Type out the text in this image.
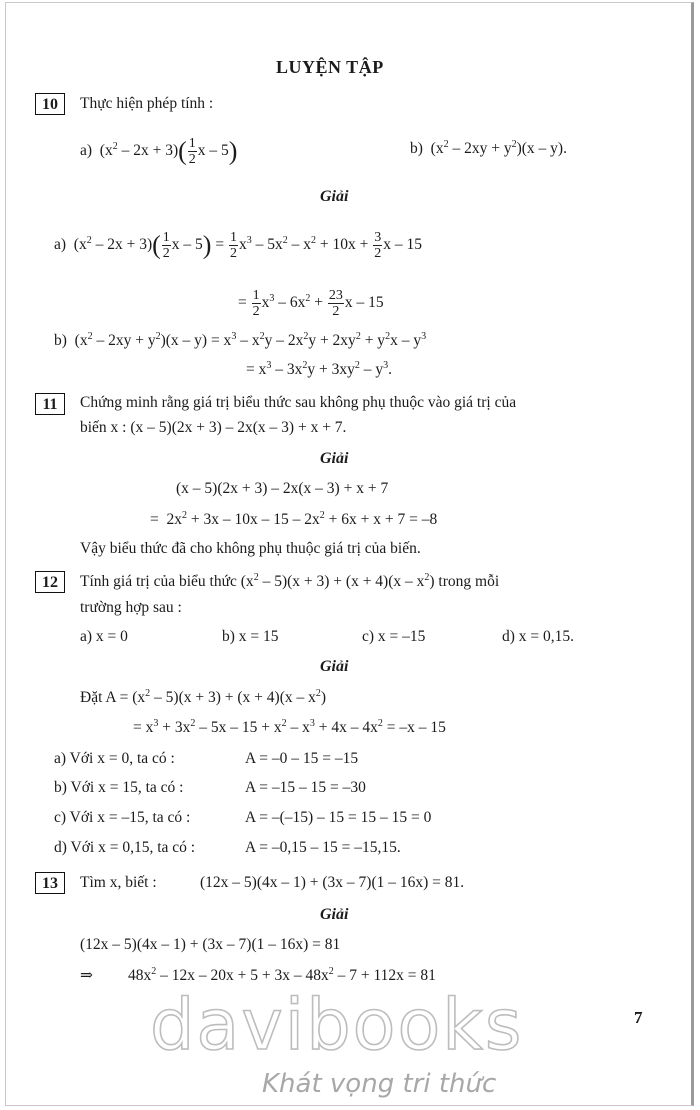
LUYỆN TẬP
10	Thực hiện phép tính :
a)  $(x^2 - 2x + 3)( \frac{1}{2}$ x – 5)	b)  $(x^2 - 2xy + y^2)(x - y)$.
Giải
a)  $(x^2 - 2x + 3)( \frac{1}{2}$ $x - 5) = \frac{1}{2} x^3 - 5x^2 - x^2 + 10x + \frac{3}{2}$ x – 15
= $\frac{1}{2} x^3 - 6x^2 + \frac{23}{2}$ x – 15
b)  $(x^2 - 2xy + y^2)(x - y) = x^3 - x^2y - 2x^2y + 2xy^2 + y^2x - y^3$
= $x^3 - 3x^2y + 3xy^2 - y^3$.
11	Chứng minh rằng giá trị biểu thức sau không phụ thuộc vào giá trị của
biến x : (x – 5)(2x + 3) – 2x(x – 3) + x + 7.
Giải
(x – 5)(2x + 3) – 2x(x – 3) + x + 7
=  $2x^2 + 3x - 10x - 15 - 2x^2 + 6x + x + 7 = -8$
Vậy biểu thức đã cho không phụ thuộc giá trị của biến.
12	Tính giá trị của biểu thức $(x^2 - 5)(x + 3) + (x + 4)(x - x^2)$ trong mỗi
trường hợp sau :
a) x = 0	b) x = 15	c) x = –15	d) x = 0,15.
Giải
Đặt $A = (x^2 - 5)(x + 3) + (x + 4)(x - x^2)$
= $x^3 + 3x^2 - 5x - 15 + x^2 - x^3 + 4x - 4x^2 = -x - 15$
a) Với x = 0, ta có :	A = –0 – 15 = –15
b) Với x = 15, ta có :	A = –15 – 15 = –30
c) Với x = –15, ta có :	A = –(–15) – 15 = 15 – 15 = 0
d) Với x = 0,15, ta có :	A = –0,15 – 15 = –15,15.
13	Tìm x, biết :	(12x – 5)(4x – 1) + (3x – 7)(1 – 16x) = 81.
Giải
(12x – 5)(4x – 1) + (3x – 7)(1 – 16x) = 81
⇒ $48x^2 - 12x - 20x + 5 + 3x - 48x^2 - 7 + 112x = 81$
7
davibooks
Khát vọng tri thức
